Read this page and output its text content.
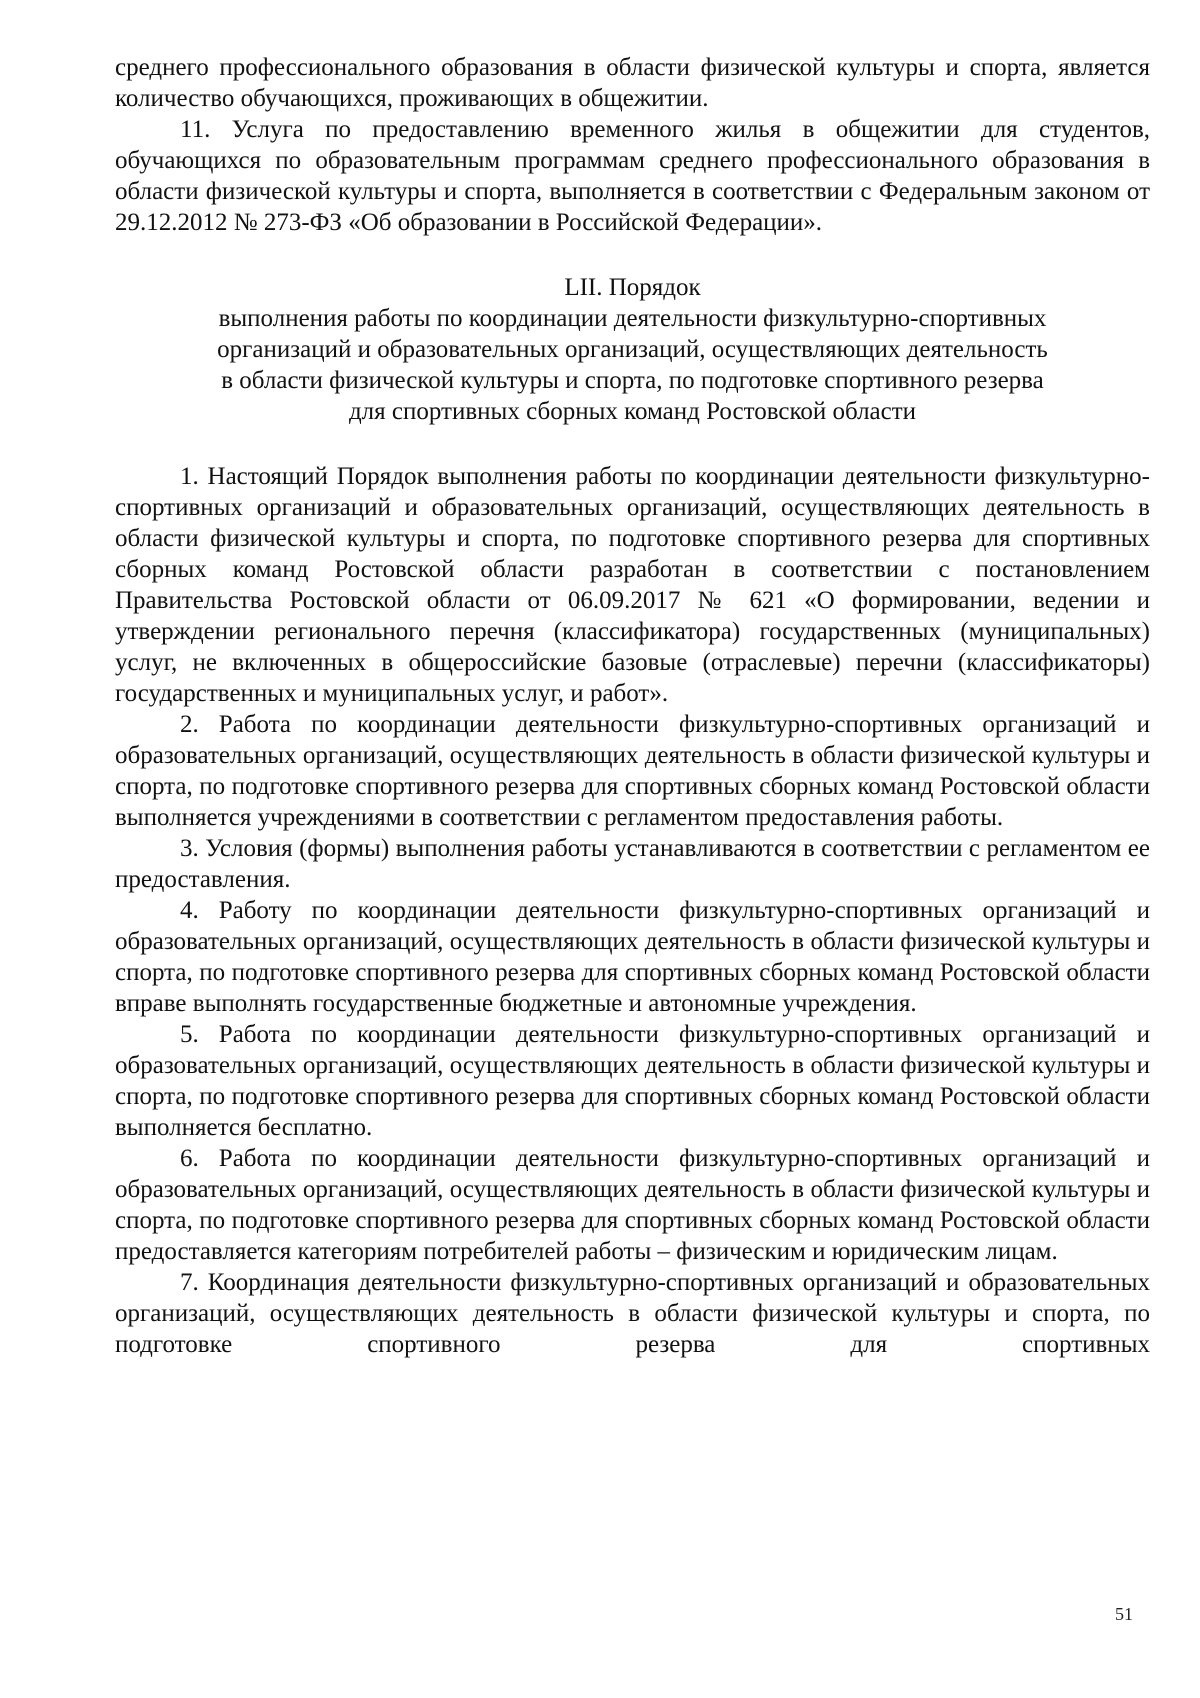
среднего профессионального образования в области физической культуры и спорта, является количество обучающихся, проживающих в общежитии.

11. Услуга по предоставлению временного жилья в общежитии для студентов, обучающихся по образовательным программам среднего профессионального образования в области физической культуры и спорта, выполняется в соответствии с Федеральным законом от 29.12.2012 № 273-ФЗ «Об образовании в Российской Федерации».

LII. Порядок
выполнения работы по координации деятельности физкультурно-спортивных
организаций и образовательных организаций, осуществляющих деятельность
в области физической культуры и спорта, по подготовке спортивного резерва
для спортивных сборных команд Ростовской области

1. Настоящий Порядок выполнения работы по координации деятельности физкультурно-спортивных организаций и образовательных организаций, осуществляющих деятельность в области физической культуры и спорта, по подготовке спортивного резерва для спортивных сборных команд Ростовской области разработан в соответствии с постановлением Правительства Ростовской области от 06.09.2017 № 621 «О формировании, ведении и утверждении регионального перечня (классификатора) государственных (муниципальных) услуг, не включенных в общероссийские базовые (отраслевые) перечни (классификаторы) государственных и муниципальных услуг, и работ».

2. Работа по координации деятельности физкультурно-спортивных организаций и образовательных организаций, осуществляющих деятельность в области физической культуры и спорта, по подготовке спортивного резерва для спортивных сборных команд Ростовской области выполняется учреждениями в соответствии с регламентом предоставления работы.

3. Условия (формы) выполнения работы устанавливаются в соответствии с регламентом ее предоставления.

4. Работу по координации деятельности физкультурно-спортивных организаций и образовательных организаций, осуществляющих деятельность в области физической культуры и спорта, по подготовке спортивного резерва для спортивных сборных команд Ростовской области вправе выполнять государственные бюджетные и автономные учреждения.

5. Работа по координации деятельности физкультурно-спортивных организаций и образовательных организаций, осуществляющих деятельность в области физической культуры и спорта, по подготовке спортивного резерва для спортивных сборных команд Ростовской области выполняется бесплатно.

6. Работа по координации деятельности физкультурно-спортивных организаций и образовательных организаций, осуществляющих деятельность в области физической культуры и спорта, по подготовке спортивного резерва для спортивных сборных команд Ростовской области предоставляется категориям потребителей работы – физическим и юридическим лицам.

7. Координация деятельности физкультурно-спортивных организаций и образовательных организаций, осуществляющих деятельность в области физической культуры и спорта, по подготовке спортивного резерва для спортивных

51
